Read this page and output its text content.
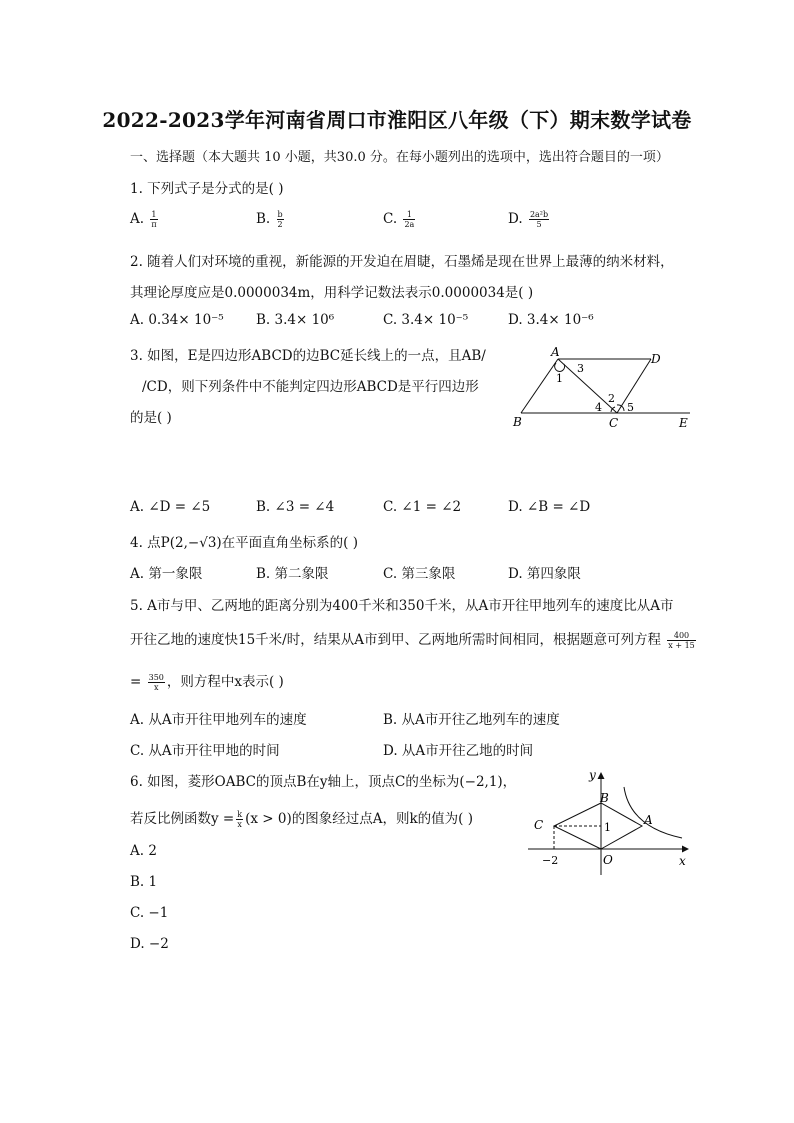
2022-2023学年河南省周口市淮阳区八年级（下）期末数学试卷
一、选择题（本大题共 10 小题，共30.0 分。在每小题列出的选项中，选出符合题目的一项）
1. 下列式子是分式的是( )
A. $\frac{1}{\pi}$	B. $\frac{b}{2}$	C. $\frac{1}{2a}$	D. $\frac{\text{2a²b}}{5}$
2. 随着人们对环境的重视，新能源的开发迫在眉睫，石墨烯是现在世界上最薄的纳米材料，
其理论厚度应是0.0000034m，用科学记数法表示0.0000034是( )
A. 0.34× 10⁻⁵ B. 3.4× 10⁶	C. 3.4× 10⁻⁵	D. 3.4× 10⁻⁶
3. 如图，E是四边形ABCD的边BC延长线上的一点，且AB/
/CD，则下列条件中不能判定四边形ABCD是平行四边形
的是( )
A	D
B	C	E
1
3
2
4 5
A. ∠D = ∠5	B. ∠3 = ∠4	C. ∠1 = ∠2	D. ∠B = ∠D
4. 点P(2,−√3)在平面直角坐标系的( )
A. 第一象限	B. 第二象限	C. 第三象限	D. 第四象限
5. A市与甲、乙两地的距离分别为400千米和350千米，从A市开往甲地列车的速度比从A市
开往乙地的速度快15千米/时，结果从A市到甲、乙两地所需时间相同，根据题意可列方程 $\frac{400}{x + 15}$
= $\frac{350}{x}$ ，则方程中x表示( )
A. 从A市开往甲地列车的速度	B. 从A市开往乙地列车的速度
C. 从A市开往甲地的时间	D. 从A市开往乙地的时间
6. 如图，菱形OABC的顶点B在y轴上，顶点C的坐标为(−2,1)，
若反比例函数$y = \frac{k}{x} (x > 0)$的图象经过点A，则k的值为( )
y
x
B
A
C
O
1
−2
A. 2
B. 1
C. −1
D. −2
